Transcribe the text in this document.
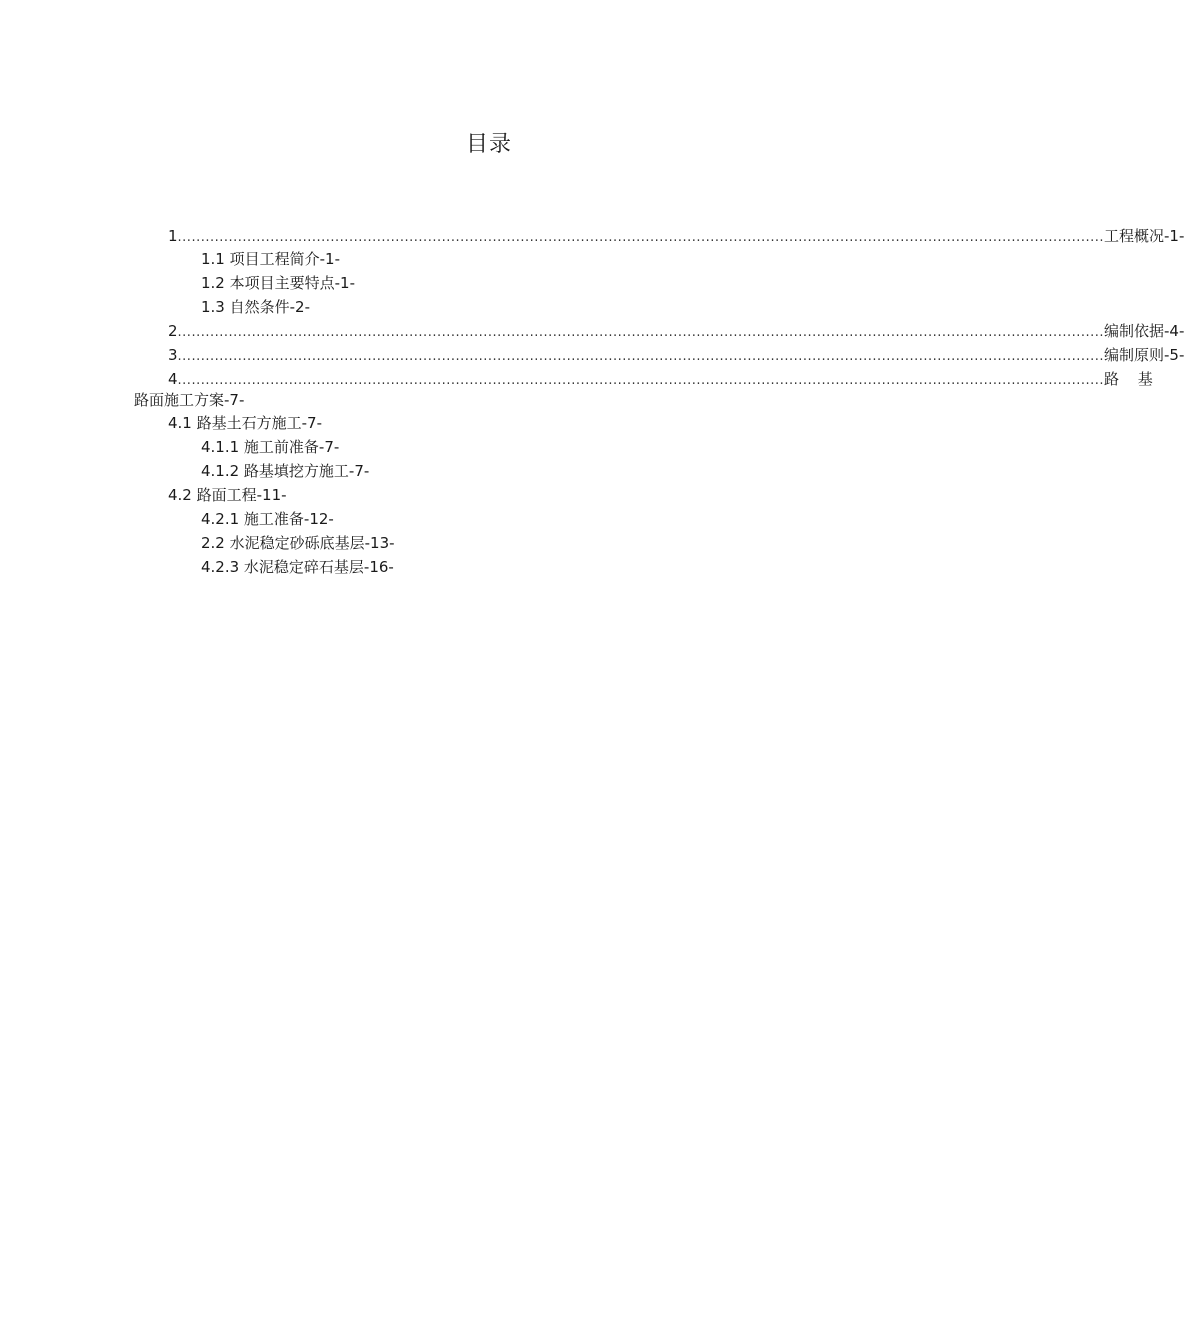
目录
1 ........................................................................................................................................................................................................ 工程概况-1-
1.1 项目工程简介-1-
1.2 本项目主要特点-1-
1.3 自然条件-2-
2 ........................................................................................................................................................................................................ 编制依据-4-
3 ........................................................................................................................................................................................................ 编制原则-5-
4 ........................................................................................................................................................................................................ 路 基
路面施工方案-7-
4.1 路基土石方施工-7-
4.1.1 施工前准备-7-
4.1.2 路基填挖方施工-7-
4.2 路面工程-11-
4.2.1 施工准备-12-
2.2 水泥稳定砂砾底基层-13-
4.2.3 水泥稳定碎石基层-16-
